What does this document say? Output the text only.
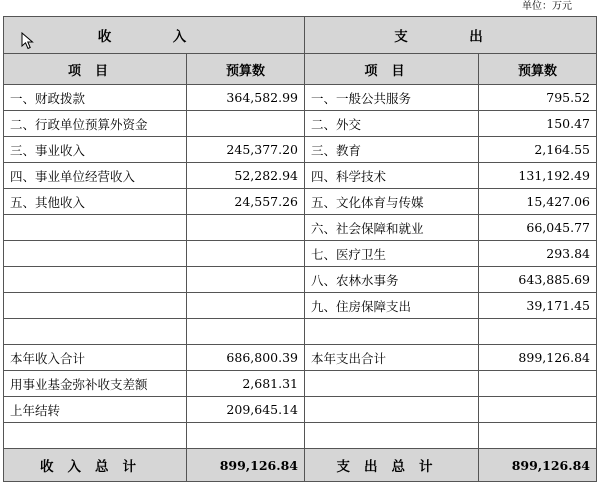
单位：万元
收　入		支　出	
项目	预算数	项目	预算数
一、财政拨款	364,582.99	一、一般公共服务	795.52
二、行政单位预算外资金		二、外交	150.47
三、事业收入	245,377.20	三、教育	2,164.55
四、事业单位经营收入	52,282.94	四、科学技术	131,192.49
五、其他收入	24,557.26	五、文化体育与传媒	15,427.06
		六、社会保障和就业	66,045.77
		七、医疗卫生	293.84
		八、农林水事务	643,885.69
		九、住房保障支出	39,171.45

本年收入合计	686,800.39	本年支出合计	899,126.84
用事业基金弥补收支差额	2,681.31		
上年结转	209,645.14		

收入总计	899,126.84	支出总计	899,126.84
